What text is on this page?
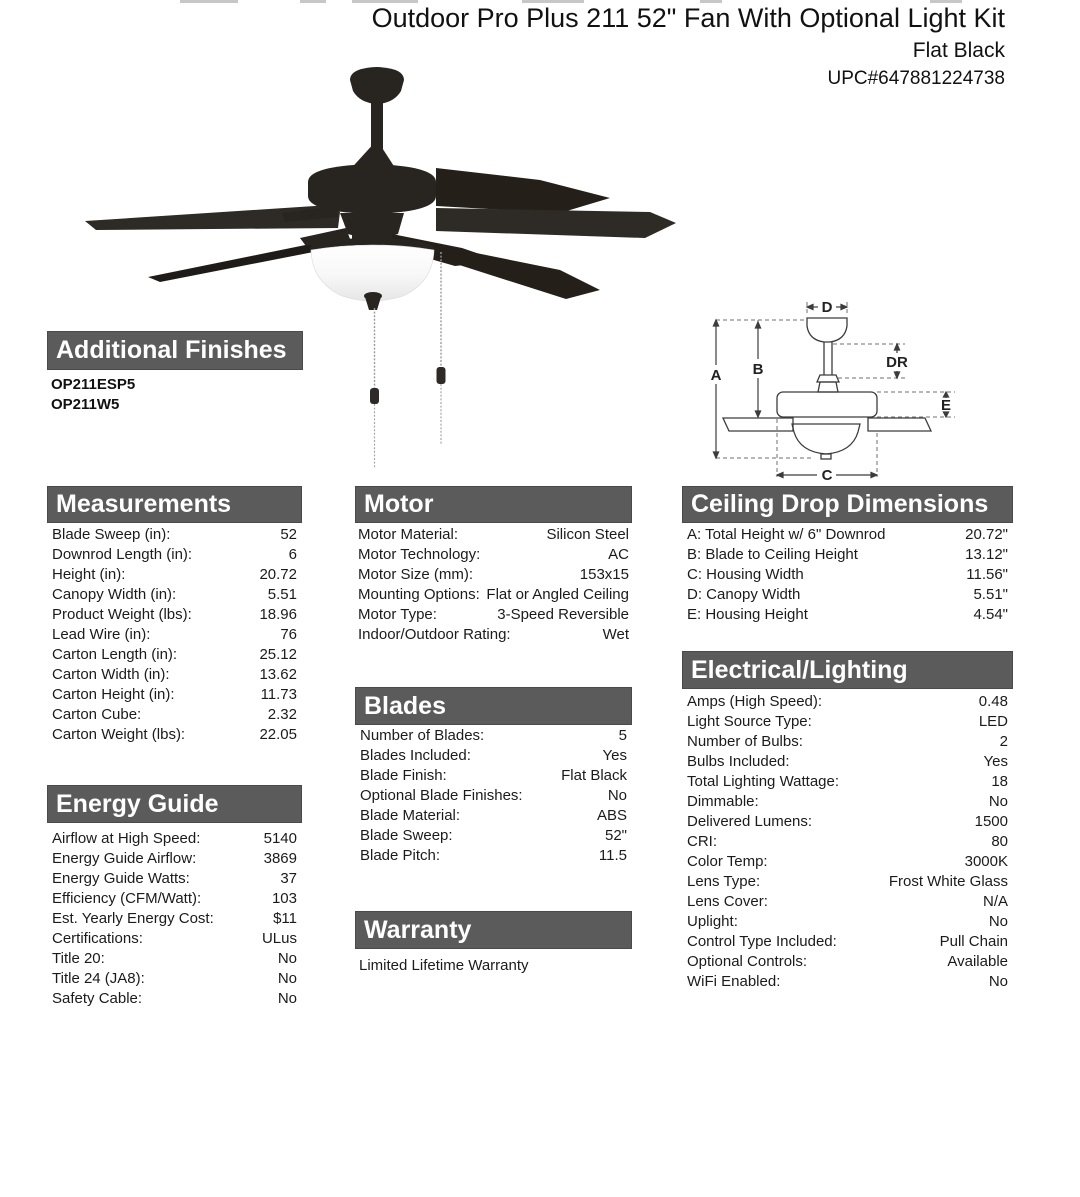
Outdoor Pro Plus 211 52" Fan With Optional Light Kit
Flat Black
UPC#647881224738
D
A B	DR
E
C
Additional Finishes
OP211ESP5
OP211W5
Measurements
Blade Sweep (in):	52
Downrod Length (in):	6
Height (in):	20.72
Canopy Width (in):	5.51
Product Weight (lbs):	18.96
Lead Wire (in):	76
Carton Length (in):	25.12
Carton Width (in):	13.62
Carton Height (in):	11.73
Carton Cube:	2.32
Carton Weight (lbs):	22.05
Energy Guide
Airflow at High Speed:	5140
Energy Guide Airflow:	3869
Energy Guide Watts:	37
Efficiency (CFM/Watt):	103
Est. Yearly Energy Cost:	$11
Certifications:	ULus
Title 20:	No
Title 24 (JA8):	No
Safety Cable:	No
Motor
Motor Material:	Silicon Steel
Motor Technology:	AC
Motor Size (mm):	153x15
Mounting Options: Flat or Angled Ceiling
Motor Type:	3-Speed Reversible
Indoor/Outdoor Rating:	Wet
Blades
Number of Blades:	5
Blades Included:	Yes
Blade Finish:	Flat Black
Optional Blade Finishes:	No
Blade Material:	ABS
Blade Sweep:	52"
Blade Pitch:	11.5
Warranty
Limited Lifetime Warranty
Ceiling Drop Dimensions
A: Total Height w/ 6" Downrod	20.72"
B: Blade to Ceiling Height	13.12"
C: Housing Width	11.56"
D: Canopy Width	5.51"
E: Housing Height	4.54"
Electrical/Lighting
Amps (High Speed):	0.48
Light Source Type:	LED
Number of Bulbs:	2
Bulbs Included:	Yes
Total Lighting Wattage:	18
Dimmable:	No
Delivered Lumens:	1500
CRI:	80
Color Temp:	3000K
Lens Type:	Frost White Glass
Lens Cover:	N/A
Uplight:	No
Control Type Included:	Pull Chain
Optional Controls:	Available
WiFi Enabled:	No
